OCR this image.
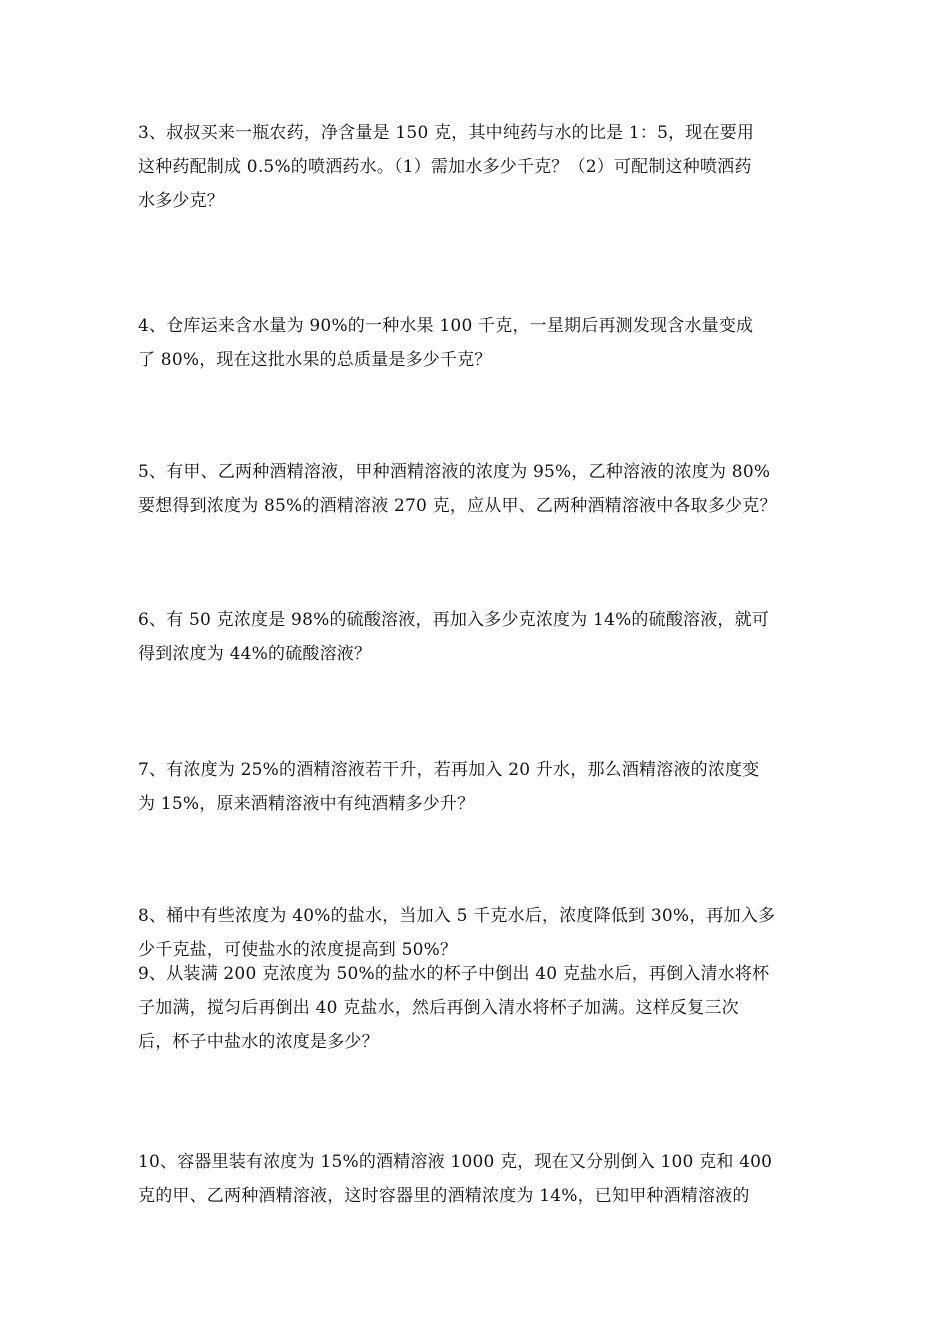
3、叔叔买来一瓶农药，净含量是 150 克，其中纯药与水的比是 1：5，现在要用
这种药配制成 0.5%的喷洒药水。（1）需加水多少千克？（2）可配制这种喷洒药
水多少克？
4、仓库运来含水量为 90%的一种水果 100 千克，一星期后再测发现含水量变成
了 80%，现在这批水果的总质量是多少千克？
5、有甲、乙两种酒精溶液，甲种酒精溶液的浓度为 95%，乙种溶液的浓度为 80%
要想得到浓度为 85%的酒精溶液 270 克，应从甲、乙两种酒精溶液中各取多少克？
6、有 50 克浓度是 98%的硫酸溶液，再加入多少克浓度为 14%的硫酸溶液，就可
得到浓度为 44%的硫酸溶液？
7、有浓度为 25%的酒精溶液若干升，若再加入 20 升水，那么酒精溶液的浓度变
为 15%，原来酒精溶液中有纯酒精多少升？
8、桶中有些浓度为 40%的盐水，当加入 5 千克水后，浓度降低到 30%，再加入多
少千克盐，可使盐水的浓度提高到 50%？
9、从装满 200 克浓度为 50%的盐水的杯子中倒出 40 克盐水后，再倒入清水将杯
子加满，搅匀后再倒出 40 克盐水，然后再倒入清水将杯子加满。这样反复三次
后，杯子中盐水的浓度是多少？
10、容器里装有浓度为 15%的酒精溶液 1000 克，现在又分别倒入 100 克和 400
克的甲、乙两种酒精溶液，这时容器里的酒精浓度为 14%，已知甲种酒精溶液的
